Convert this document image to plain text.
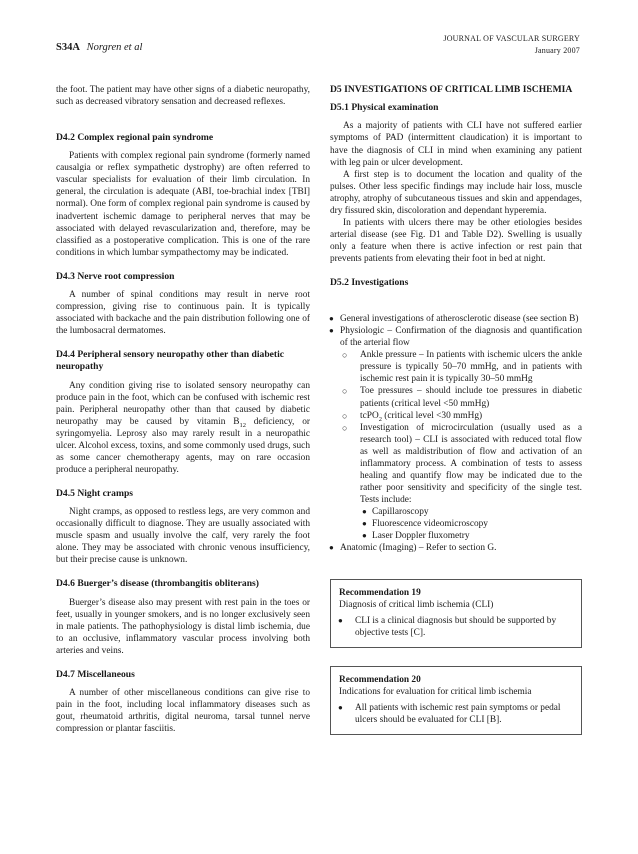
S34A Norgren et al
JOURNAL OF VASCULAR SURGERY
January 2007

the foot. The patient may have other signs of a diabetic neuropathy, such as decreased vibratory sensation and decreased reflexes.

D4.2 Complex regional pain syndrome

Patients with complex regional pain syndrome (formerly named causalgia or reflex sympathetic dystrophy) are often referred to vascular specialists for evaluation of their limb circulation. In general, the circulation is adequate (ABI, toe-brachial index [TBI] normal). One form of complex regional pain syndrome is caused by inadvertent ischemic damage to peripheral nerves that may be associated with delayed revascularization and, therefore, may be classified as a postoperative complication. This is one of the rare conditions in which lumbar sympathectomy may be indicated.

D4.3 Nerve root compression

A number of spinal conditions may result in nerve root compression, giving rise to continuous pain. It is typically associated with backache and the pain distribution following one of the lumbosacral dermatomes.

D4.4 Peripheral sensory neuropathy other than diabetic neuropathy

Any condition giving rise to isolated sensory neuropathy can produce pain in the foot, which can be confused with ischemic rest pain. Peripheral neuropathy other than that caused by diabetic neuropathy may be caused by vitamin $B_{12}$ deficiency, or syringomyelia. Leprosy also may rarely result in a neuropathic ulcer. Alcohol excess, toxins, and some commonly used drugs, such as some cancer chemotherapy agents, may on rare occasion produce a peripheral neuropathy.

D4.5 Night cramps

Night cramps, as opposed to restless legs, are very common and occasionally difficult to diagnose. They are usually associated with muscle spasm and usually involve the calf, very rarely the foot alone. They may be associated with chronic venous insufficiency, but their precise cause is unknown.

D4.6 Buerger’s disease (thrombangitis obliterans)

Buerger’s disease also may present with rest pain in the toes or feet, usually in younger smokers, and is no longer exclusively seen in male patients. The pathophysiology is distal limb ischemia, due to an occlusive, inflammatory vascular process involving both arteries and veins.

D4.7 Miscellaneous

A number of other miscellaneous conditions can give rise to pain in the foot, including local inflammatory diseases such as gout, rheumatoid arthritis, digital neuroma, tarsal tunnel nerve compression or plantar fasciitis.

D5 INVESTIGATIONS OF CRITICAL LIMB ISCHEMIA
D5.1 Physical examination

As a majority of patients with CLI have not suffered earlier symptoms of PAD (intermittent claudication) it is important to have the diagnosis of CLI in mind when examining any patient with leg pain or ulcer development.

A first step is to document the location and quality of the pulses. Other less specific findings may include hair loss, muscle atrophy, atrophy of subcutaneous tissues and skin and appendages, dry fissured skin, discoloration and dependant hyperemia.

In patients with ulcers there may be other etiologies besides arterial disease (see Fig. D1 and Table D2). Swelling is usually only a feature when there is active infection or rest pain that prevents patients from elevating their foot in bed at night.

D5.2 Investigations
● General investigations of atherosclerotic disease (see section B)
● Physiologic – Confirmation of the diagnosis and quantification of the arterial flow
○ Ankle pressure – In patients with ischemic ulcers the ankle pressure is typically 50–70 mmHg, and in patients with ischemic rest pain it is typically 30–50 mmHg
○ Toe pressures – should include toe pressures in diabetic patients (critical level <50 mmHg)
○ tcPO$_2$ (critical level <30 mmHg)
○ Investigation of microcirculation (usually used as a research tool) – CLI is associated with reduced total flow as well as maldistribution of flow and activation of an inflammatory process. A combination of tests to assess healing and quantify flow may be indicated due to the rather poor sensitivity and specificity of the single test. Tests include:
● Capillaroscopy
● Fluorescence videomicroscopy
● Laser Doppler fluxometry
● Anatomic (Imaging) – Refer to section G.
Recommendation 19
Diagnosis of critical limb ischemia (CLI)
● CLI is a clinical diagnosis but should be supported by objective tests [C].
Recommendation 20
Indications for evaluation for critical limb ischemia
● All patients with ischemic rest pain symptoms or pedal ulcers should be evaluated for CLI [B].
